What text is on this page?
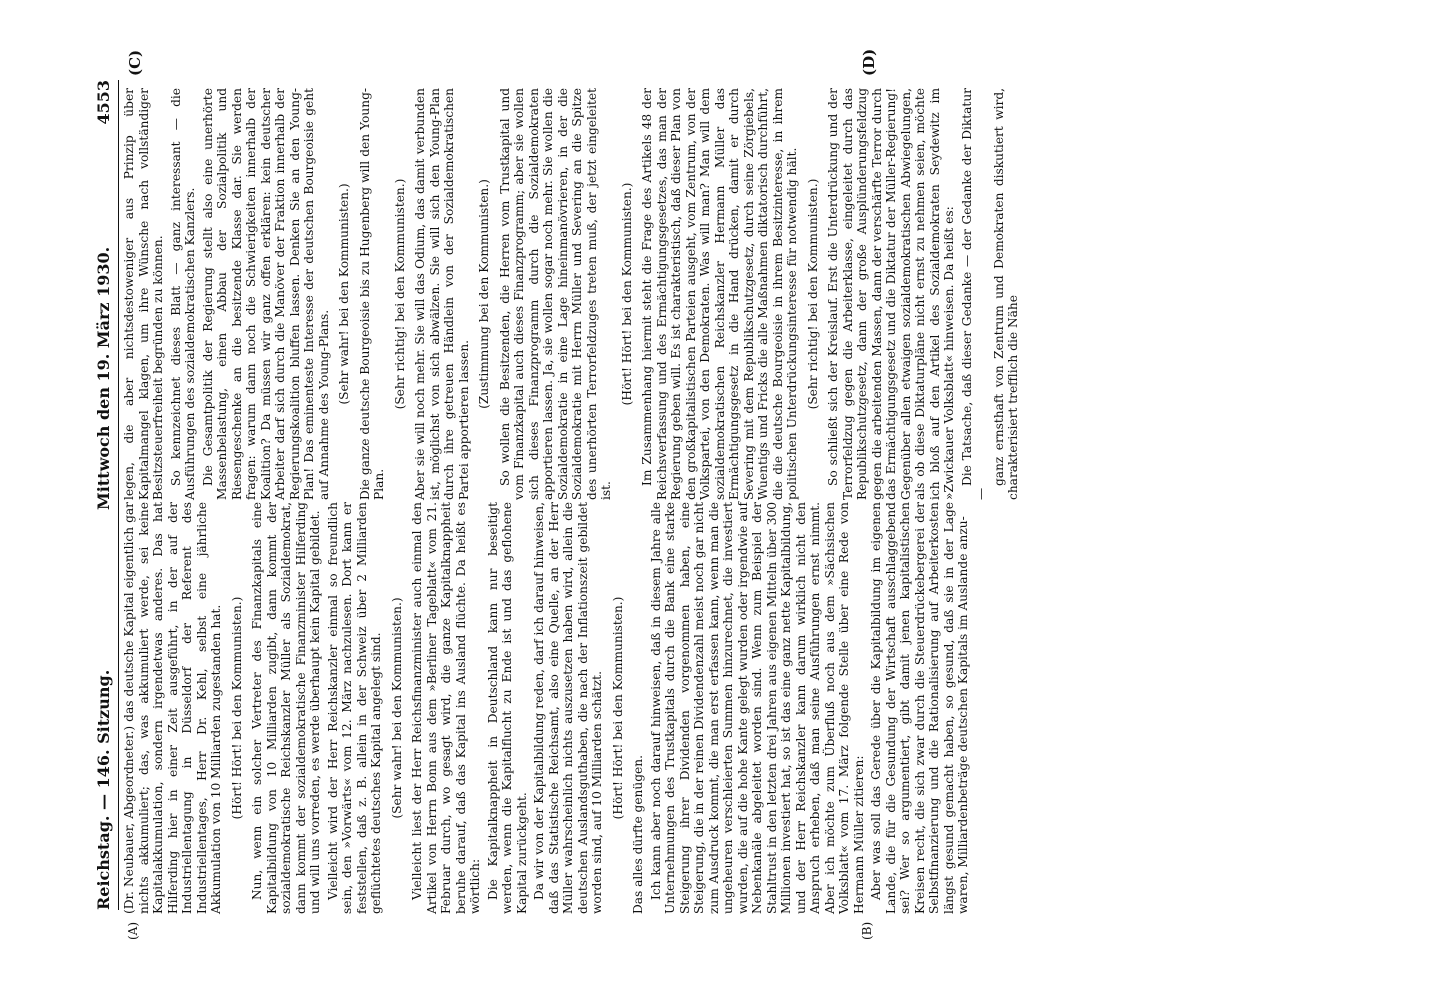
Reichstag. — 146. Sitzung.
Mittwoch den 19. März 1930.
4553
(A)	(B)
(C)	(D)

(Dr. Neubauer, Abgeordneter.) das deutsche Kapital eigentlich gar nichts akkumuliert; das, was akkumuliert werde, sei keine Kapitalakkumulation, sondern irgendetwas anderes. Das hat Hilferding hier in einer Zeit ausgeführt, in der auf der Industriellentagung in Düsseldorf der Referent des Industriellentages, Herr Dr. Kehl, selbst eine jährliche Akkumulation von 10 Milliarden zugestanden hat. (Hört! Hört! bei den Kommunisten.) Nun, wenn ein solcher Vertreter des Finanzkapitals eine Kapitalbildung von 10 Milliarden zugibt, dann kommt der sozialdemokratische Reichskanzler Müller als Sozialdemokrat, dann kommt der sozialdemokratische Finanzminister Hilferding und will uns vorreden, es werde überhaupt kein Kapital gebildet. Vielleicht wird der Herr Reichskanzler einmal so freundlich sein, den »Vorwärts« vom 12. März nachzulesen. Dort kann er feststellen, daß z. B. allein in der Schweiz über 2 Milliarden geflüchtetes deutsches Kapital angelegt sind. (Sehr wahr! bei den Kommunisten.) Vielleicht liest der Herr Reichsfinanzminister auch einmal den Artikel von Herrn Bonn aus dem »Berliner Tageblatt« vom 21. Februar durch, wo gesagt wird, die ganze Kapitalknappheit beruhe darauf, daß das Kapital ins Ausland flüchte. Da heißt es wörtlich: Die Kapitalknappheit in Deutschland kann nur beseitigt werden, wenn die Kapitalflucht zu Ende ist und das geflohene Kapital zurückgeht. Da wir von der Kapitalbildung reden, darf ich darauf hinweisen, daß das Statistische Reichsamt, also eine Quelle, an der Herr Müller wahrscheinlich nichts auszusetzen haben wird, allein die deutschen Auslandsguthaben, die nach der Inflationszeit gebildet worden sind, auf 10 Milliarden schätzt. (Hört! Hört! bei den Kommunisten.)

Das alles dürfte genügen. Ich kann aber noch darauf hinweisen, daß in diesem Jahre alle Unternehmungen des Trustkapitals durch die Bank eine starke Steigerung ihrer Dividenden vorgenommen haben, eine Steigerung, die in der reinen Dividendenzahl meist noch gar nicht zum Ausdruck kommt, die man erst erfassen kann, wenn man die ungeheuren verschleierten Summen hinzurechnet, die investiert wurden, die auf die hohe Kante gelegt wurden oder irgendwie auf Nebenkanäle abgeleitet worden sind. Wenn zum Beispiel der Stahltrust in den letzten drei Jahren aus eigenen Mitteln über 300 Millionen investiert hat, so ist das eine ganz nette Kapitalbildung, und der Herr Reichskanzler kann darum wirklich nicht den Anspruch erheben, daß man seine Ausführungen ernst nimmt. Aber ich möchte zum Überfluß noch aus dem »Sächsischen Volksblatt« vom 17. März folgende Stelle über eine Rede von Hermann Müller zitieren: Aber was soll das Gerede über die Kapitalbildung im eigenen Lande, die für die Gesundung der Wirtschaft ausschlaggebend sei? Wer so argumentiert, gibt damit jenen kapitalistischen Kreisen recht, die sich zwar durch die Steuerdrückebergerei der Selbstfinanzierung und die Rationalisierung auf Arbeiterkosten längst gesund gemacht haben, so gesund, daß sie in der Lage waren, Milliardenbeträge deutschen Kapitals im Auslande anzu-

legen, die aber nichtsdestoweniger aus Prinzip über Kapitalmangel klagen, um ihre Wünsche nach vollständiger Besitzsteuerfreiheit begründen zu können. So kennzeichnet dieses Blatt — ganz interessant — die Ausführungen des sozialdemokratischen Kanzlers. Die Gesamtpolitik der Regierung stellt also eine unerhörte Massenbelastung, einen Abbau der Sozialpolitik und Riesengeschenke an die besitzende Klasse dar. Sie werden fragen: warum dann noch die Schwierigkeiten innerhalb der Koalition? Da müssen wir ganz offen erklären: kein deutscher Arbeiter darf sich durch die Manöver der Fraktion innerhalb der Regierungskoalition bluffen lassen. Denken Sie an den Young-Plan! Das eminenteste Interesse der deutschen Bourgeoisie geht auf Annahme des Young-Plans.

(Sehr wahr! bei den Kommunisten.) Die ganze deutsche Bourgeoisie bis zu Hugenberg will den Young-Plan.

(Sehr richtig! bei den Kommunisten.) Aber sie will noch mehr. Sie will das Odium, das damit verbunden ist, möglichst von sich abwälzen. Sie will sich den Young-Plan durch ihre getreuen Händlein von der Sozialdemokratischen Partei apportieren lassen.

(Zustimmung bei den Kommunisten.) So wollen die Besitzenden, die Herren vom Trustkapital und vom Finanzkapital auch dieses Finanzprogramm; aber sie wollen sich dieses Finanzprogramm durch die Sozialdemokraten apportieren lassen. Ja, sie wollen sogar noch mehr. Sie wollen die Sozialdemokratie in eine Lage hineinmanövrieren, in der die Sozialdemokratie mit Herrn Müller und Severing an die Spitze des unerhörten Terrorfeldzuges treten muß, der jetzt eingeleitet ist.

(Hört! Hört! bei den Kommunisten.) Im Zusammenhang hiermit steht die Frage des Artikels 48 der Reichsverfassung und des Ermächtigungsgesetzes, das man der Regierung geben will. Es ist charakteristisch, daß dieser Plan von den großkapitalistischen Parteien ausgeht, vom Zentrum, von der Volkspartei, von den Demokraten. Was will man? Man will dem sozialdemokratischen Reichskanzler Hermann Müller das Ermächtigungsgesetz in die Hand drücken, damit er durch Severing mit dem Republikschutzgesetz, durch seine Zörgiebels, Wuentigs und Fricks die alle Maßnahmen diktatorisch durchführt, die die deutsche Bourgeoisie in ihrem Besitzinteresse, in ihrem politischen Unterdrückungsinteresse für notwendig hält. (Sehr richtig! bei den Kommunisten.) So schließt sich der Kreislauf. Erst die Unterdrückung und der Terrorfeldzug gegen die Arbeiterklasse, eingeleitet durch das Republikschutzgesetz, dann der große Ausplünderungsfeldzug gegen die arbeitenden Massen, dann der verschärfte Terror durch das Ermächtigungsgesetz und die Diktatur der Müller-Regierung! Gegenüber allen etwaigen sozialdemokratischen Abwiegelungen, als ob diese Diktaturpläne nicht ernst zu nehmen seien, möchte ich bloß auf den Artikel des Sozialdemokraten Seydewitz im »Zwickauer Volksblatt« hinweisen. Da heißt es: Die Tatsache, daß dieser Gedanke — der Gedanke der Diktatur —

ganz ernsthaft von Zentrum und Demokraten diskutiert wird, charakterisiert trefflich die Nähe
